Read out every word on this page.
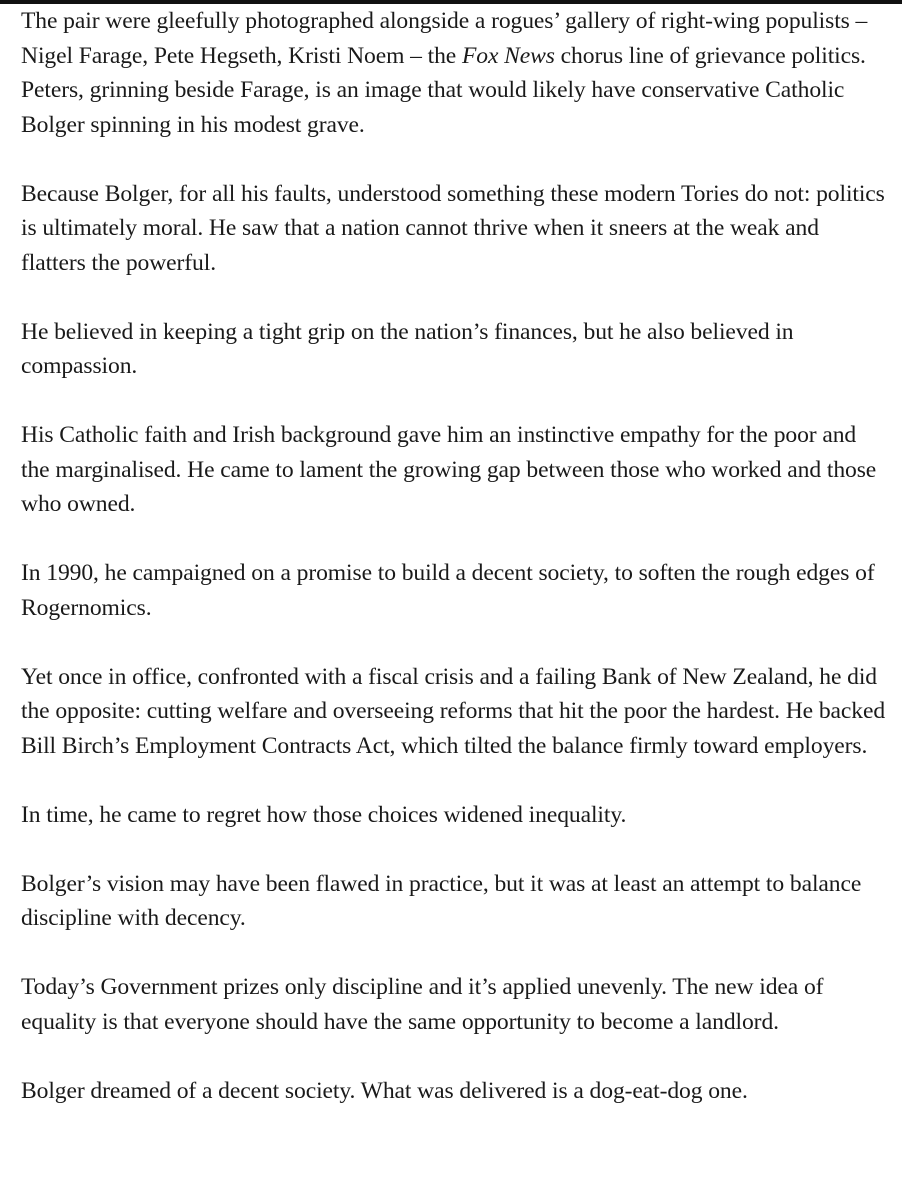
The pair were gleefully photographed alongside a rogues’ gallery of right-wing populists – Nigel Farage, Pete Hegseth, Kristi Noem – the Fox News chorus line of grievance politics. Peters, grinning beside Farage, is an image that would likely have conservative Catholic Bolger spinning in his modest grave.

Because Bolger, for all his faults, understood something these modern Tories do not: politics is ultimately moral. He saw that a nation cannot thrive when it sneers at the weak and flatters the powerful.

He believed in keeping a tight grip on the nation’s finances, but he also believed in compassion.

His Catholic faith and Irish background gave him an instinctive empathy for the poor and the marginalised. He came to lament the growing gap between those who worked and those who owned.

In 1990, he campaigned on a promise to build a decent society, to soften the rough edges of Rogernomics.

Yet once in office, confronted with a fiscal crisis and a failing Bank of New Zealand, he did the opposite: cutting welfare and overseeing reforms that hit the poor the hardest. He backed Bill Birch’s Employment Contracts Act, which tilted the balance firmly toward employers.

In time, he came to regret how those choices widened inequality.

Bolger’s vision may have been flawed in practice, but it was at least an attempt to balance discipline with decency.

Today’s Government prizes only discipline and it’s applied unevenly. The new idea of equality is that everyone should have the same opportunity to become a landlord.

Bolger dreamed of a decent society. What was delivered is a dog-eat-dog one.
